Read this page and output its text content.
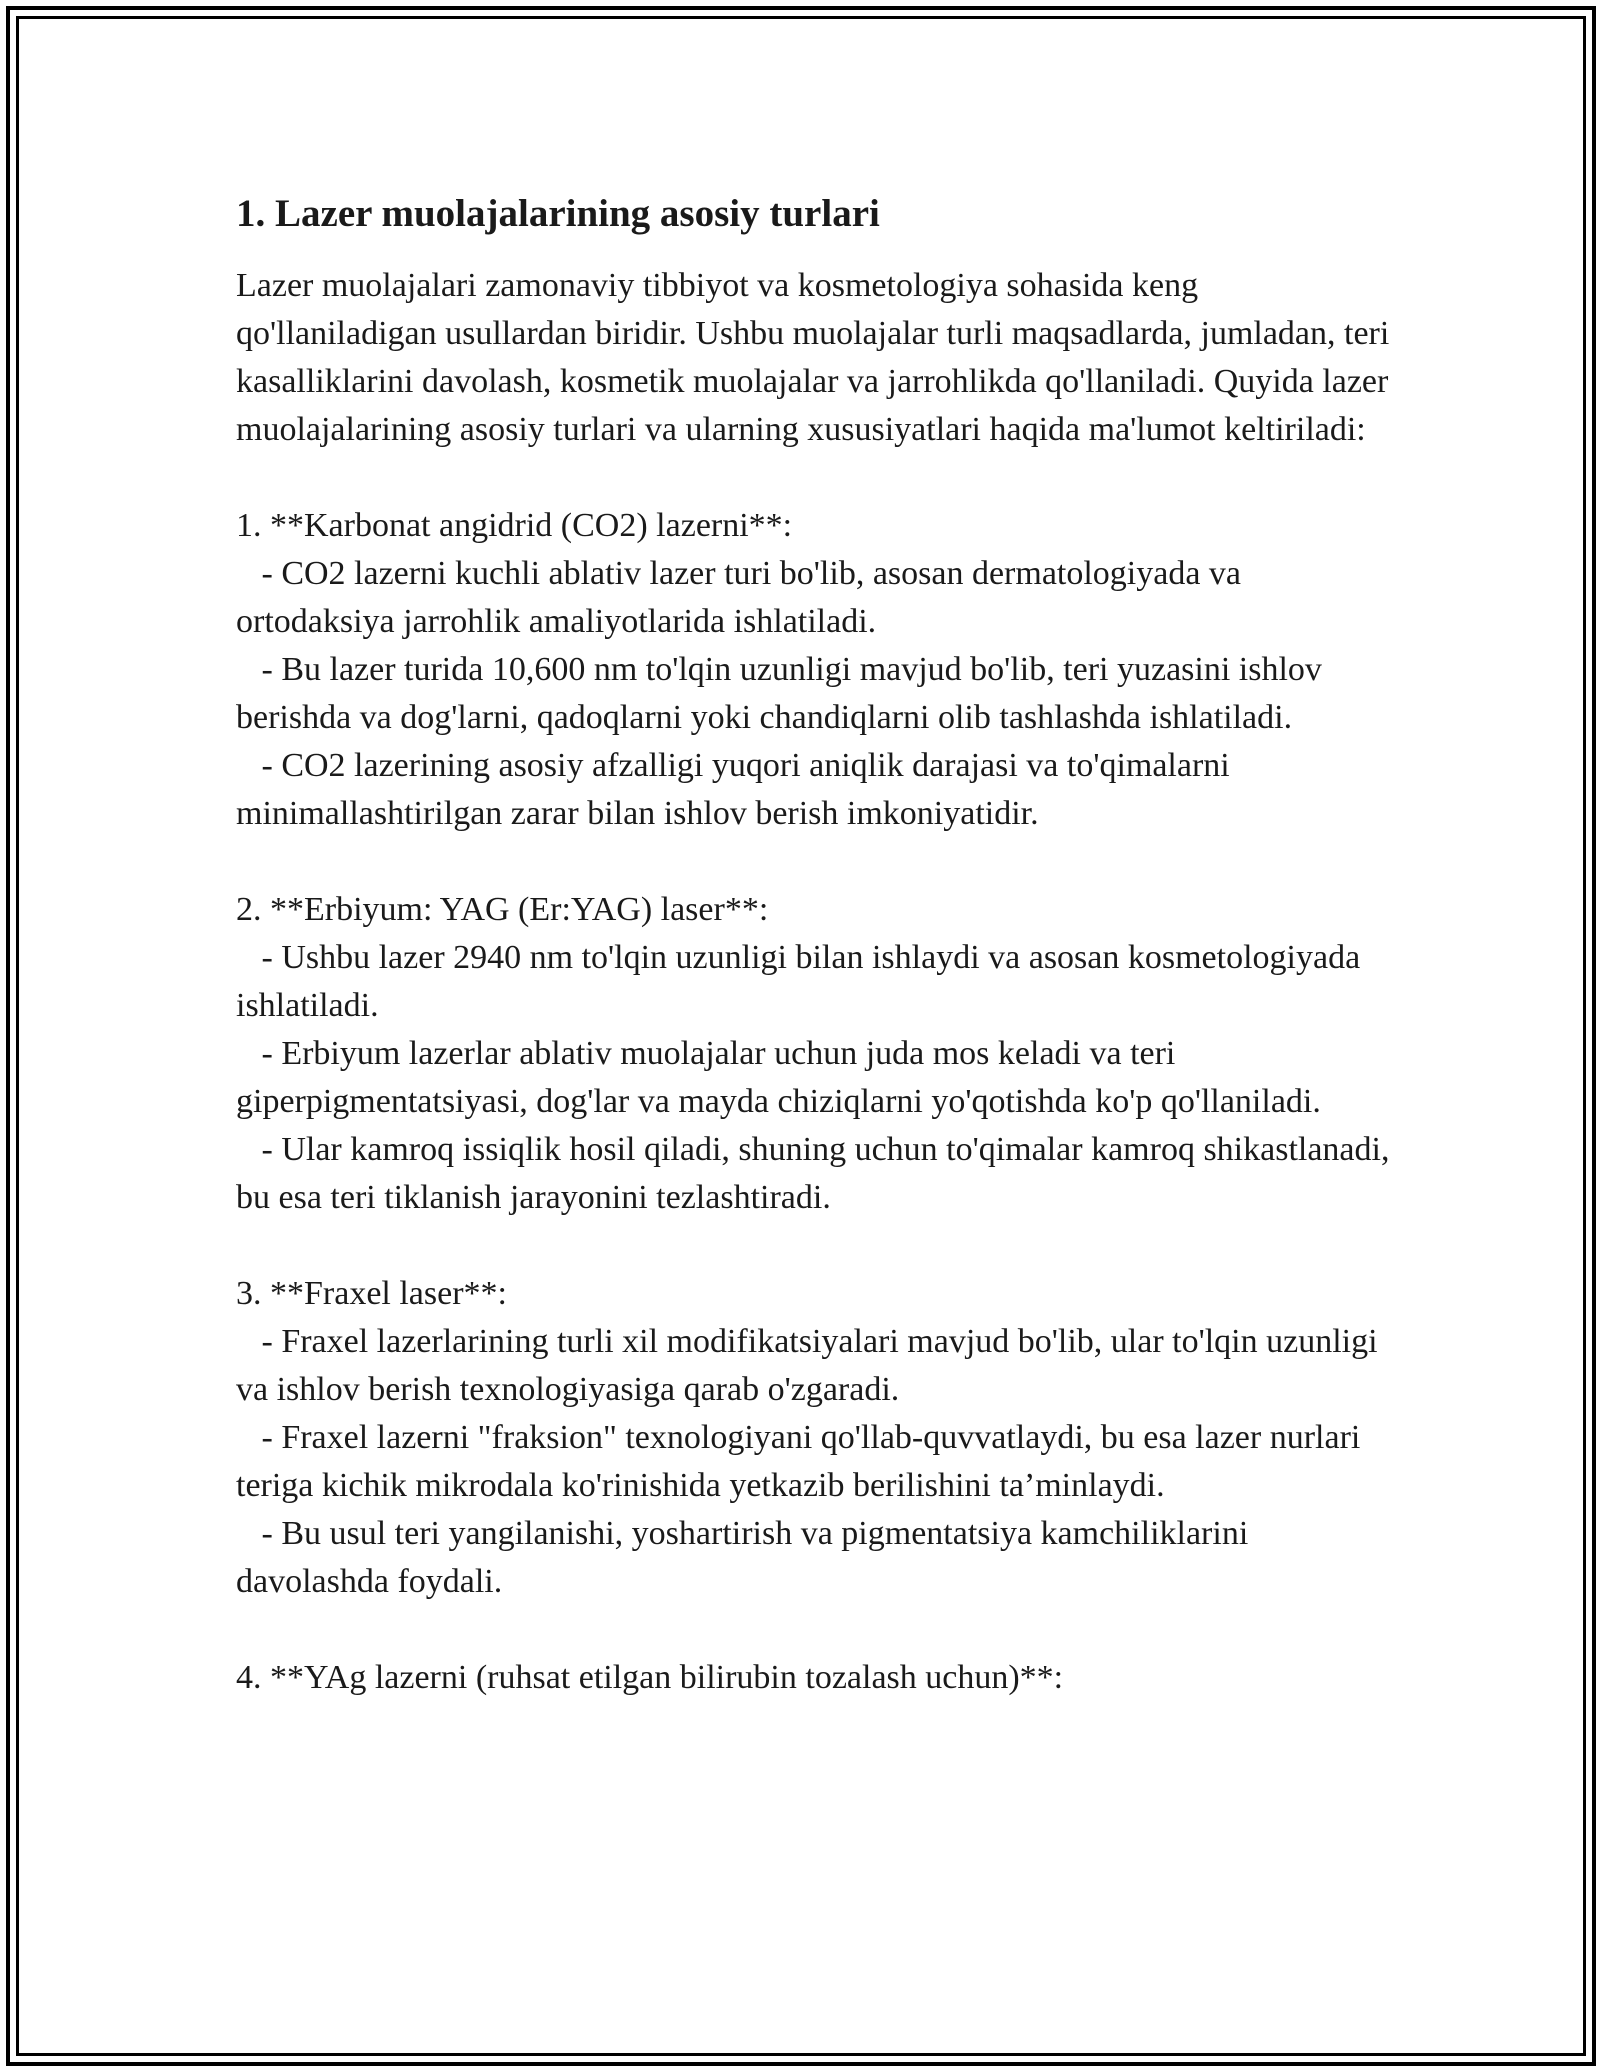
1. Lazer muolajalarining asosiy turlari

Lazer muolajalari zamonaviy tibbiyot va kosmetologiya sohasida keng qo'llaniladigan usullardan biridir. Ushbu muolajalar turli maqsadlarda, jumladan, teri kasalliklarini davolash, kosmetik muolajalar va jarrohlikda qo'llaniladi. Quyida lazer muolajalarining asosiy turlari va ularning xususiyatlari haqida ma'lumot keltiriladi:

1. **Karbonat angidrid (CO2) lazerni**:

- CO2 lazerni kuchli ablativ lazer turi bo'lib, asosan dermatologiyada va ortodaksiya jarrohlik amaliyotlarida ishlatiladi.

- Bu lazer turida 10,600 nm to'lqin uzunligi mavjud bo'lib, teri yuzasini ishlov berishda va dog'larni, qadoqlarni yoki chandiqlarni olib tashlashda ishlatiladi.

- CO2 lazerining asosiy afzalligi yuqori aniqlik darajasi va to'qimalarni minimallashtirilgan zarar bilan ishlov berish imkoniyatidir.

2. **Erbiyum: YAG (Er:YAG) laser**:

- Ushbu lazer 2940 nm to'lqin uzunligi bilan ishlaydi va asosan kosmetologiyada ishlatiladi.

- Erbiyum lazerlar ablativ muolajalar uchun juda mos keladi va teri giperpigmentatsiyasi, dog'lar va mayda chiziqlarni yo'qotishda ko'p qo'llaniladi.

- Ular kamroq issiqlik hosil qiladi, shuning uchun to'qimalar kamroq shikastlanadi, bu esa teri tiklanish jarayonini tezlashtiradi.

3. **Fraxel laser**:

- Fraxel lazerlarining turli xil modifikatsiyalari mavjud bo'lib, ular to'lqin uzunligi va ishlov berish texnologiyasiga qarab o'zgaradi.

- Fraxel lazerni "fraksion" texnologiyani qo'llab-quvvatlaydi, bu esa lazer nurlari teriga kichik mikrodala ko'rinishida yetkazib berilishini ta’minlaydi.

- Bu usul teri yangilanishi, yoshartirish va pigmentatsiya kamchiliklarini davolashda foydali.

4. **YAg lazerni (ruhsat etilgan bilirubin tozalash uchun)**:
